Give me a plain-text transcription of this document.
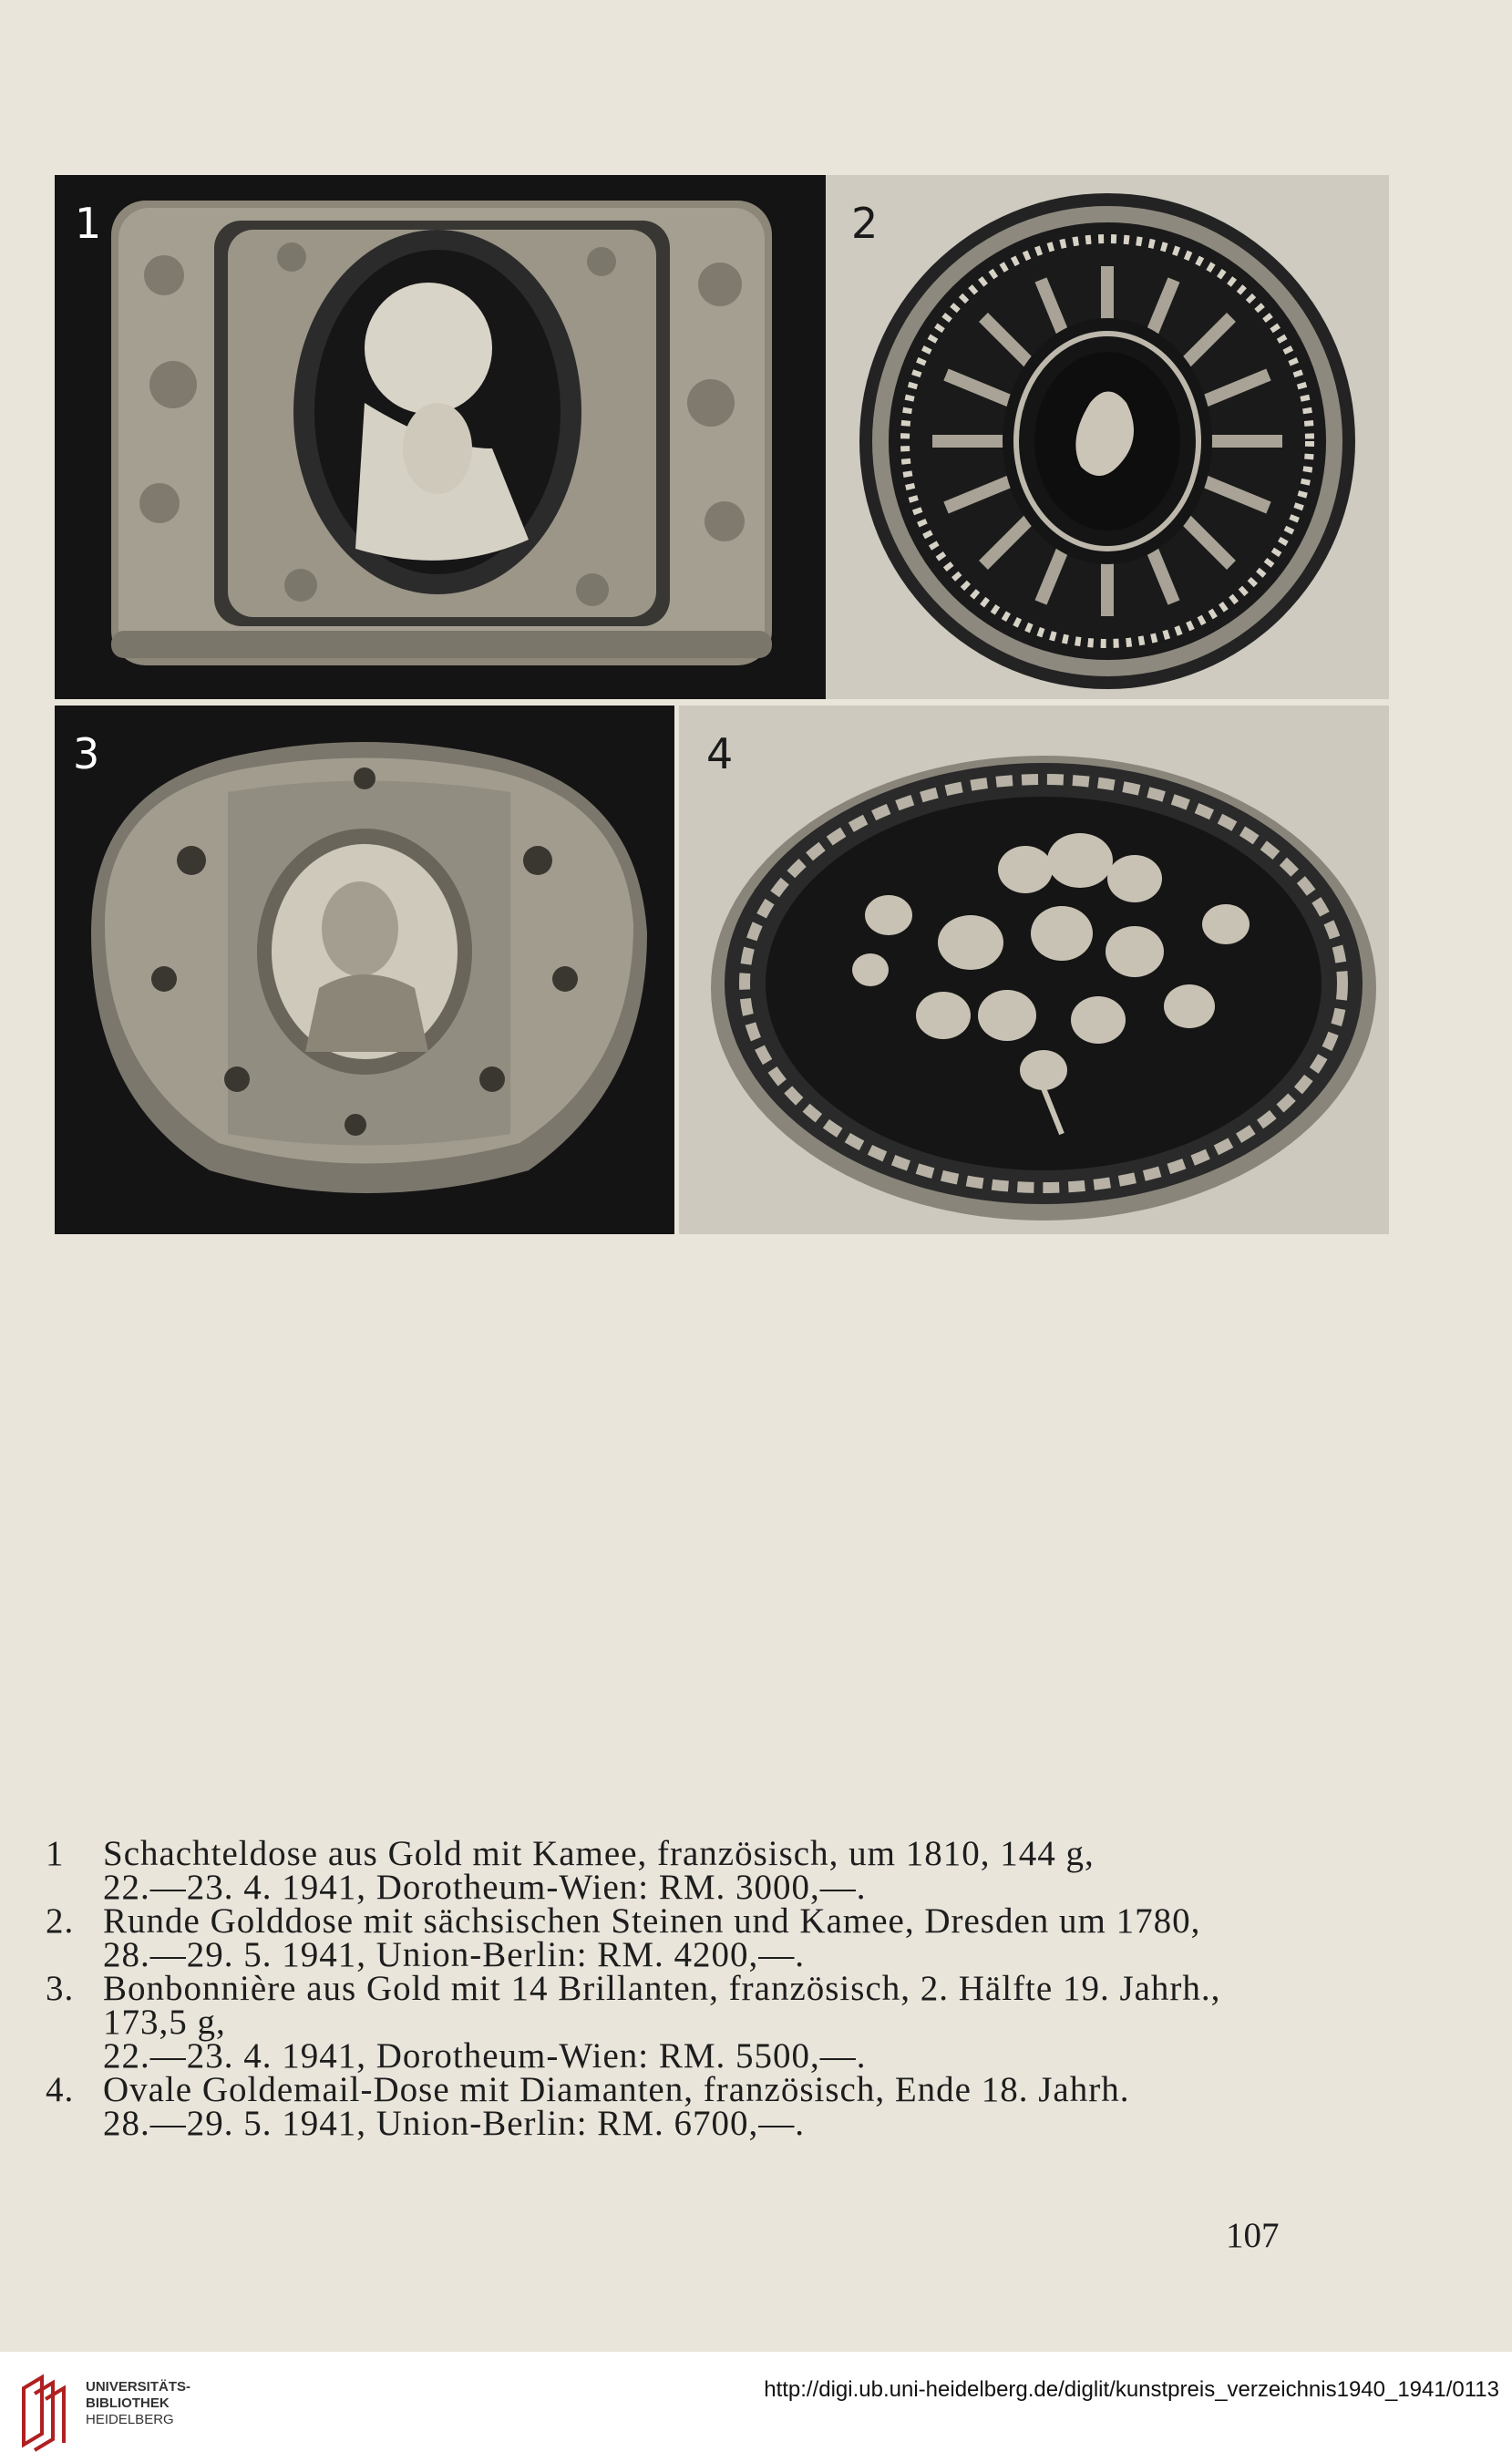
1	2
3	4
1 Schachteldose aus Gold mit Kamee, französisch, um 1810, 144 g,
22.—23. 4. 1941, Dorotheum-Wien: RM. 3000,—.
2. Runde Golddose mit sächsischen Steinen und Kamee, Dresden um 1780,
28.—29. 5. 1941, Union-Berlin: RM. 4200,—.
3. Bonbonnière aus Gold mit 14 Brillanten, französisch, 2. Hälfte 19. Jahrh.,
173,5 g,
22.—23. 4. 1941, Dorotheum-Wien: RM. 5500,—.
4. Ovale Goldemail-Dose mit Diamanten, französisch, Ende 18. Jahrh.
28.—29. 5. 1941, Union-Berlin: RM. 6700,—.
107
UNIVERSITÄTS-
BIBLIOTHEK
HEIDELBERG
http://digi.ub.uni-heidelberg.de/diglit/kunstpreis_verzeichnis1940_1941/0113
